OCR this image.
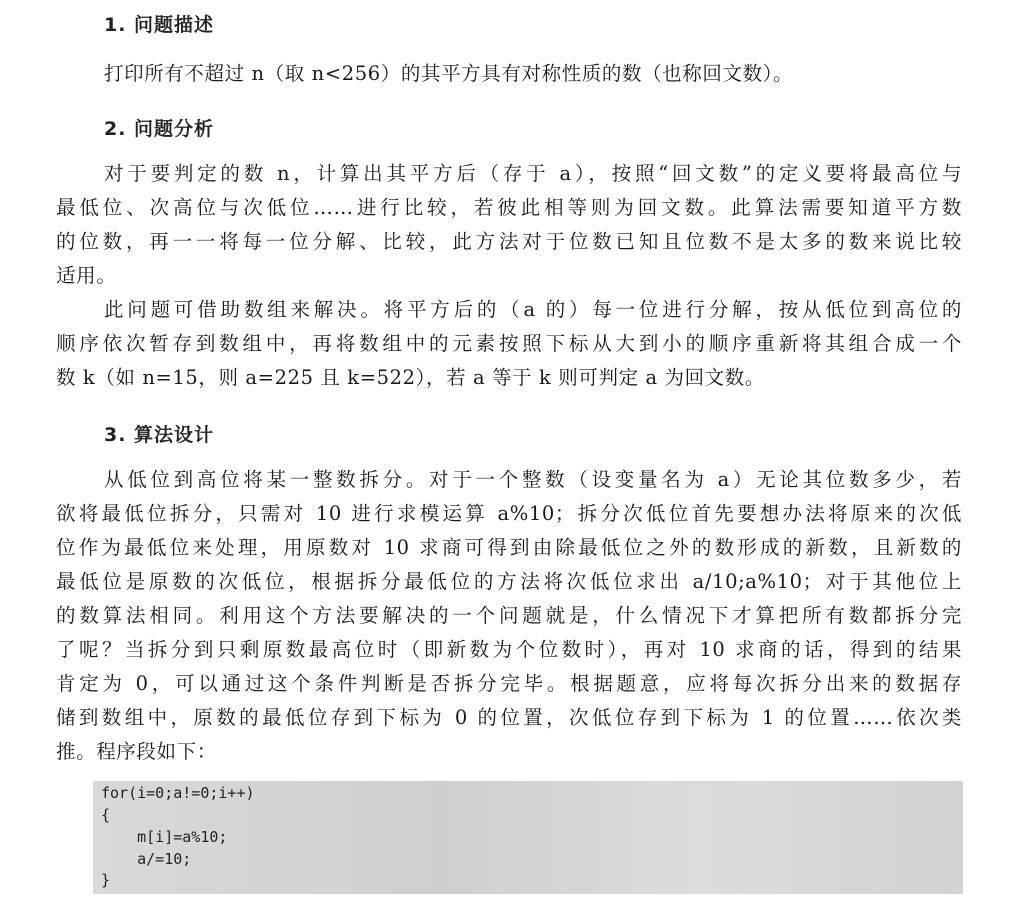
1. 问题描述
打印所有不超过 n（取 n<256）的其平方具有对称性质的数（也称回文数）。
2. 问题分析
对于要判定的数 n，计算出其平方后（存于 a），按照“回文数”的定义要将最高位与
最低位、次高位与次低位……进行比较，若彼此相等则为回文数。此算法需要知道平方数
的位数，再一一将每一位分解、比较，此方法对于位数已知且位数不是太多的数来说比较
适用。
此问题可借助数组来解决。将平方后的（a 的）每一位进行分解，按从低位到高位的
顺序依次暂存到数组中，再将数组中的元素按照下标从大到小的顺序重新将其组合成一个
数 k（如 n=15，则 a=225 且 k=522），若 a 等于 k 则可判定 a 为回文数。
3. 算法设计
从低位到高位将某一整数拆分。对于一个整数（设变量名为 a）无论其位数多少，若
欲将最低位拆分，只需对 10 进行求模运算 a%10；拆分次低位首先要想办法将原来的次低
位作为最低位来处理，用原数对 10 求商可得到由除最低位之外的数形成的新数，且新数的
最低位是原数的次低位，根据拆分最低位的方法将次低位求出 a/10;a%10；对于其他位上
的数算法相同。利用这个方法要解决的一个问题就是，什么情况下才算把所有数都拆分完
了呢？当拆分到只剩原数最高位时（即新数为个位数时），再对 10 求商的话，得到的结果
肯定为 0，可以通过这个条件判断是否拆分完毕。根据题意，应将每次拆分出来的数据存
储到数组中，原数的最低位存到下标为 0 的位置，次低位存到下标为 1 的位置……依次类
推。程序段如下：
for(i=0;a!=0;i++)
{
m[i]=a%10;
a/=10;
}
